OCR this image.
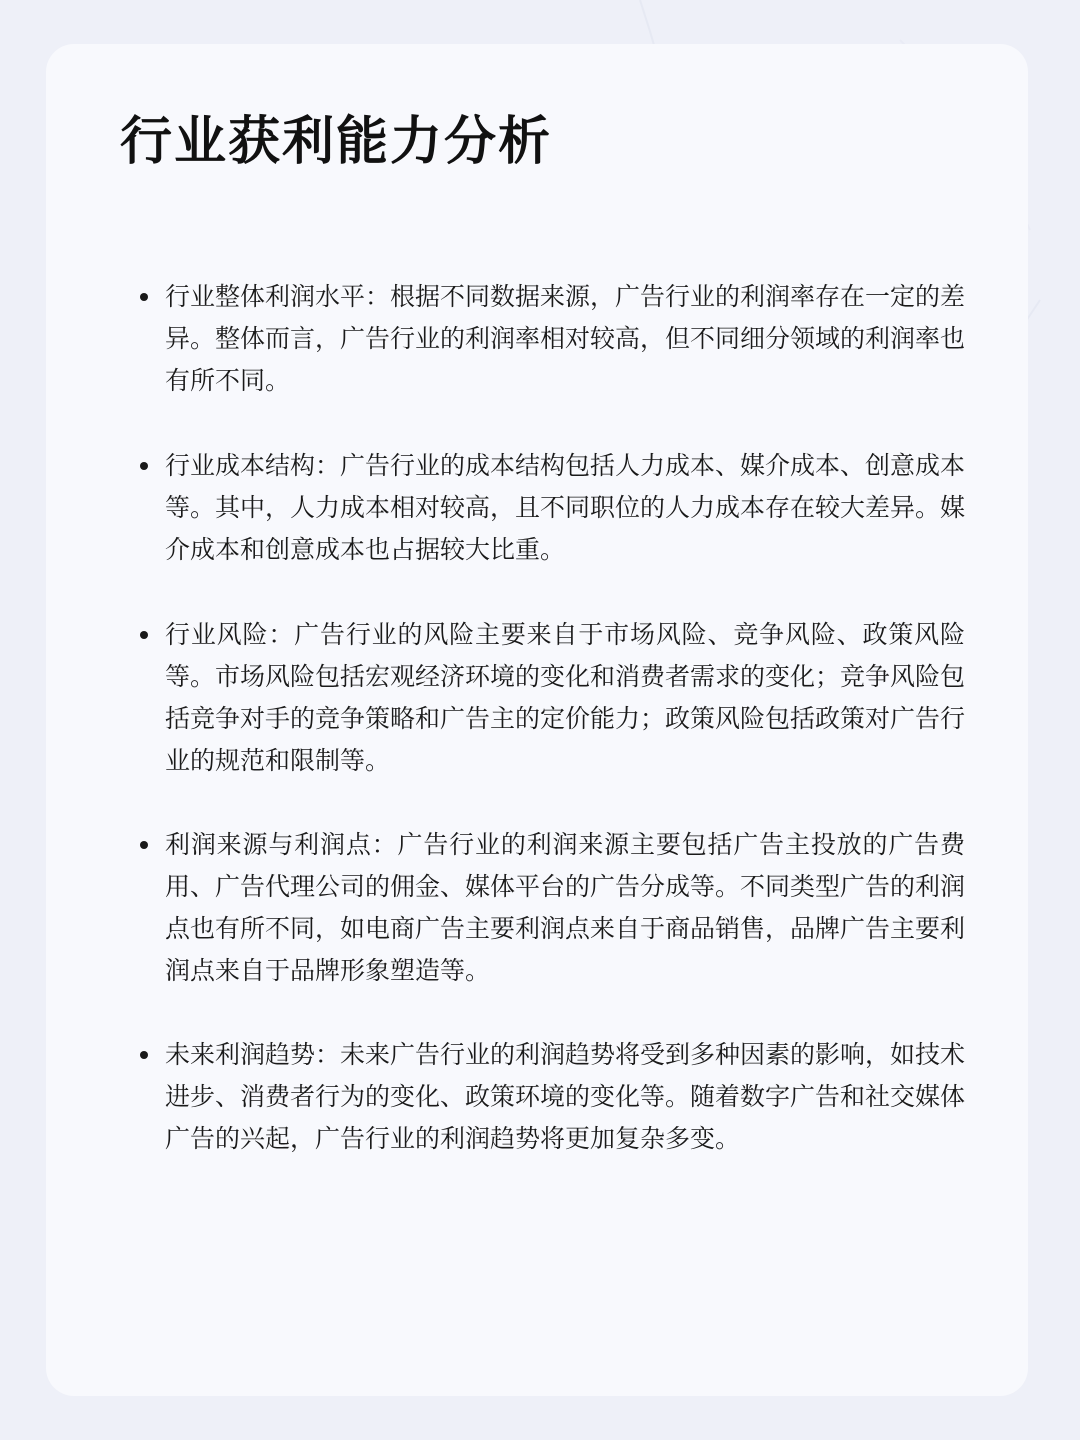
行业获利能力分析

行业整体利润水平：根据不同数据来源，广告行业的利润率存在一定的差异。整体而言，广告行业的利润率相对较高，但不同细分领域的利润率也有所不同。

行业成本结构：广告行业的成本结构包括人力成本、媒介成本、创意成本等。其中，人力成本相对较高，且不同职位的人力成本存在较大差异。媒介成本和创意成本也占据较大比重。

行业风险：广告行业的风险主要来自于市场风险、竞争风险、政策风险等。市场风险包括宏观经济环境的变化和消费者需求的变化；竞争风险包括竞争对手的竞争策略和广告主的定价能力；政策风险包括政策对广告行业的规范和限制等。

利润来源与利润点：广告行业的利润来源主要包括广告主投放的广告费用、广告代理公司的佣金、媒体平台的广告分成等。不同类型广告的利润点也有所不同，如电商广告主要利润点来自于商品销售，品牌广告主要利润点来自于品牌形象塑造等。

未来利润趋势：未来广告行业的利润趋势将受到多种因素的影响，如技术进步、消费者行为的变化、政策环境的变化等。随着数字广告和社交媒体广告的兴起，广告行业的利润趋势将更加复杂多变。
